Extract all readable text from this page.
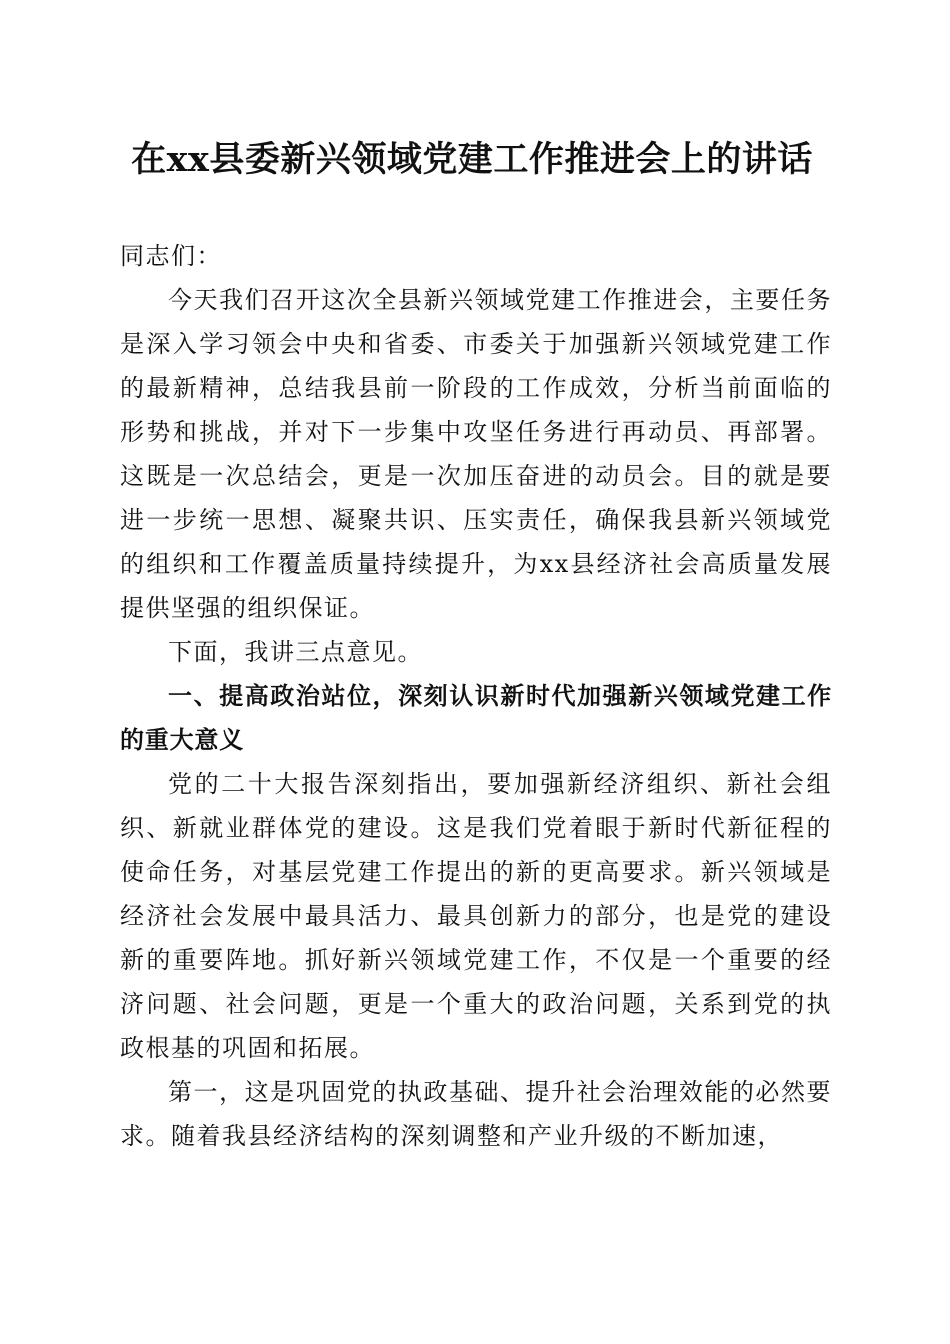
在xx县委新兴领域党建工作推进会上的讲话

同志们：

今天我们召开这次全县新兴领域党建工作推进会，主要任务是深入学习领会中央和省委、市委关于加强新兴领域党建工作的最新精神，总结我县前一阶段的工作成效，分析当前面临的形势和挑战，并对下一步集中攻坚任务进行再动员、再部署。这既是一次总结会，更是一次加压奋进的动员会。目的就是要进一步统一思想、凝聚共识、压实责任，确保我县新兴领域党的组织和工作覆盖质量持续提升，为xx县经济社会高质量发展提供坚强的组织保证。

下面，我讲三点意见。

一、提高政治站位，深刻认识新时代加强新兴领域党建工作的重大意义

党的二十大报告深刻指出，要加强新经济组织、新社会组织、新就业群体党的建设。这是我们党着眼于新时代新征程的使命任务，对基层党建工作提出的新的更高要求。新兴领域是经济社会发展中最具活力、最具创新力的部分，也是党的建设新的重要阵地。抓好新兴领域党建工作，不仅是一个重要的经济问题、社会问题，更是一个重大的政治问题，关系到党的执政根基的巩固和拓展。

第一，这是巩固党的执政基础、提升社会治理效能的必然要求。随着我县经济结构的深刻调整和产业升级的不断加速，
